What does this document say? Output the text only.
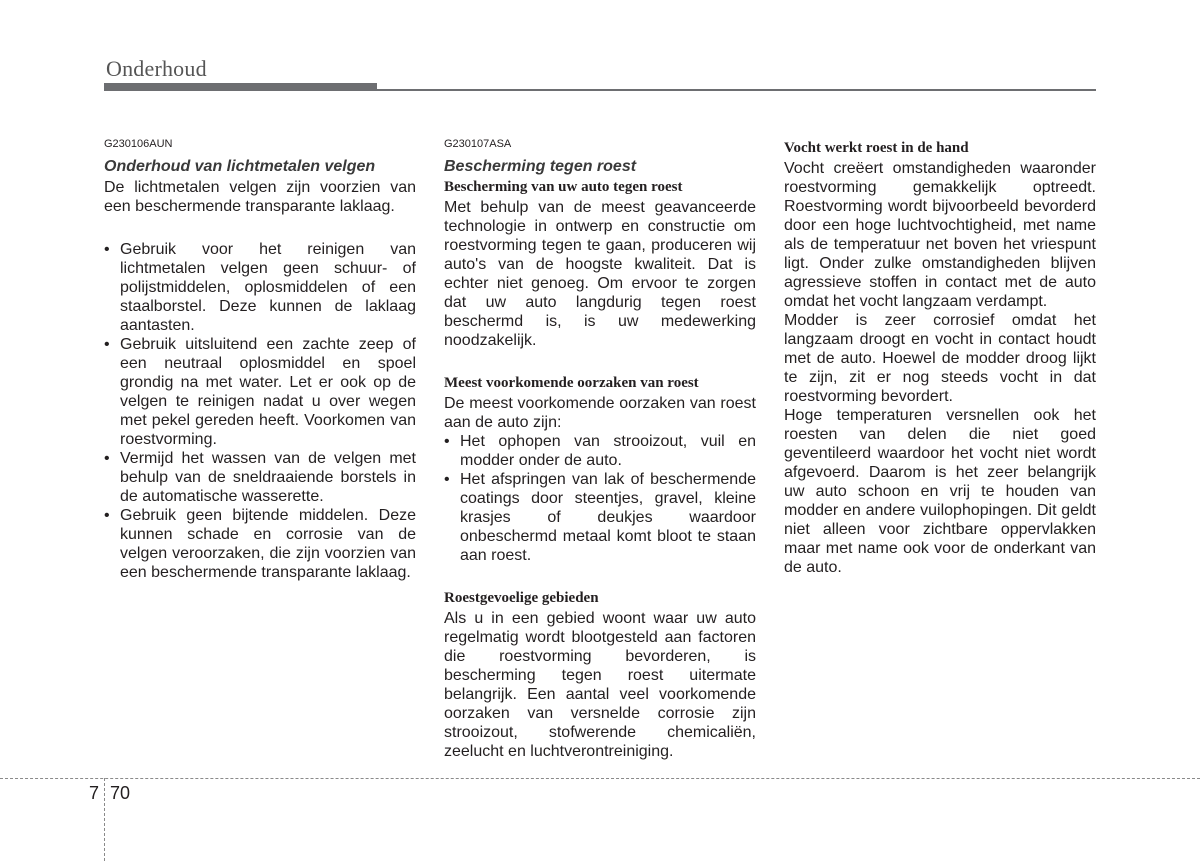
Onderhoud
G230106AUN
Onderhoud van lichtmetalen velgen

De lichtmetalen velgen zijn voorzien van een beschermende transparante laklaag.

• Gebruik voor het reinigen van lichtmetalen velgen geen schuur- of polijstmiddelen, oplosmiddelen of een staalborstel. Deze kunnen de laklaag aantasten.
• Gebruik uitsluitend een zachte zeep of een neutraal oplosmiddel en spoel grondig na met water. Let er ook op de velgen te reinigen nadat u over wegen met pekel gereden heeft. Voorkomen van roestvorming.
• Vermijd het wassen van de velgen met behulp van de sneldraaiende borstels in de automatische wasserette.
• Gebruik geen bijtende middelen. Deze kunnen schade en corrosie van de velgen veroorzaken, die zijn voorzien van een beschermende transparante laklaag.
G230107ASA
Bescherming tegen roest
Bescherming van uw auto tegen roest

Met behulp van de meest geavanceerde technologie in ontwerp en constructie om roestvorming tegen te gaan, produceren wij auto's van de hoogste kwaliteit. Dat is echter niet genoeg. Om ervoor te zorgen dat uw auto langdurig tegen roest beschermd is, is uw medewerking noodzakelijk.

Meest voorkomende oorzaken van roest

De meest voorkomende oorzaken van roest aan de auto zijn:

• Het ophopen van strooizout, vuil en modder onder de auto.
• Het afspringen van lak of beschermende coatings door steentjes, gravel, kleine krasjes of deukjes waardoor onbeschermd metaal komt bloot te staan aan roest.
Roestgevoelige gebieden

Als u in een gebied woont waar uw auto regelmatig wordt blootgesteld aan factoren die roestvorming bevorderen, is bescherming tegen roest uitermate belangrijk. Een aantal veel voorkomende oorzaken van versnelde corrosie zijn strooizout, stofwerende chemicaliën, zeelucht en luchtverontreiniging.

Vocht werkt roest in de hand

Vocht creëert omstandigheden waaronder roestvorming gemakkelijk optreedt. Roestvorming wordt bijvoorbeeld bevorderd door een hoge luchtvochtigheid, met name als de temperatuur net boven het vriespunt ligt. Onder zulke omstandigheden blijven agressieve stoffen in contact met de auto omdat het vocht langzaam verdampt.

Modder is zeer corrosief omdat het langzaam droogt en vocht in contact houdt met de auto. Hoewel de modder droog lijkt te zijn, zit er nog steeds vocht in dat roestvorming bevordert.

Hoge temperaturen versnellen ook het roesten van delen die niet goed geventileerd waardoor het vocht niet wordt afgevoerd. Daarom is het zeer belangrijk uw auto schoon en vrij te houden van modder en andere vuilophopingen. Dit geldt niet alleen voor zichtbare oppervlakken maar met name ook voor de onderkant van de auto.

7 70
